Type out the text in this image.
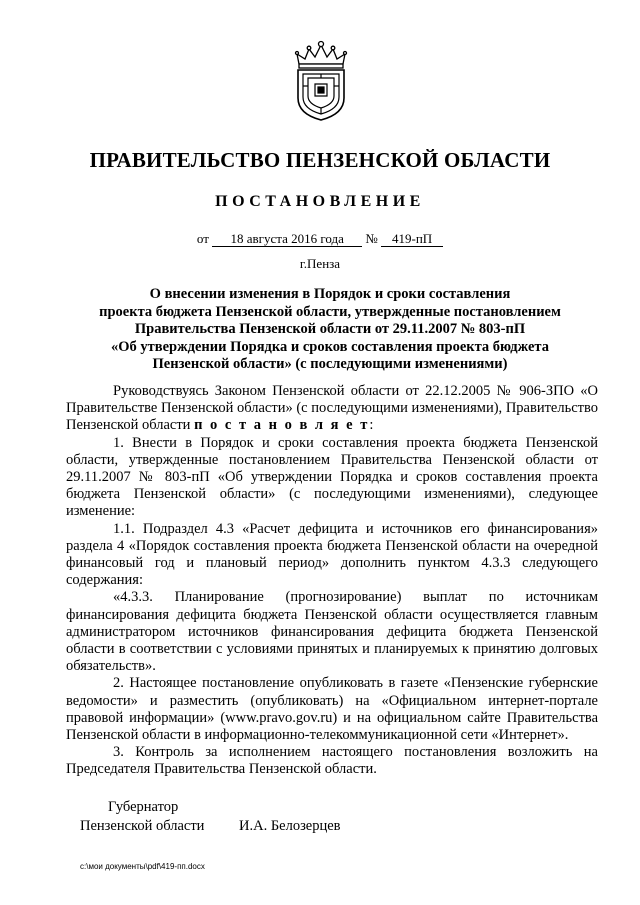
ПРАВИТЕЛЬСТВО ПЕНЗЕНСКОЙ ОБЛАСТИ
ПОСТАНОВЛЕНИЕ
от 18 августа 2016 года № 419-пП
г.Пенза
О внесении изменения в Порядок и сроки составления
проекта бюджета Пензенской области, утвержденные постановлением
Правительства Пензенской области от 29.11.2007 № 803-пП
«Об утверждении Порядка и сроков составления проекта бюджета
Пензенской области» (с последующими изменениями)

Руководствуясь Законом Пензенской области от 22.12.2005 № 906-ЗПО «О Правительстве Пензенской области» (с последующими изменениями), Правительство Пензенской области п о с т а н о в л я е т:

1. Внести в Порядок и сроки составления проекта бюджета Пензенской области, утвержденные постановлением Правительства Пензенской области от 29.11.2007 № 803-пП «Об утверждении Порядка и сроков составления проекта бюджета Пензенской области» (с последующими изменениями), следующее изменение:

1.1. Подраздел 4.3 «Расчет дефицита и источников его финансирования» раздела 4 «Порядок составления проекта бюджета Пензенской области на очередной финансовый год и плановый период» дополнить пунктом 4.3.3 следующего содержания:

«4.3.3. Планирование (прогнозирование) выплат по источникам финансирования дефицита бюджета Пензенской области осуществляется главным администратором источников финансирования дефицита бюджета Пензенской области в соответствии с условиями принятых и планируемых к принятию долговых обязательств».

2. Настоящее постановление опубликовать в газете «Пензенские губернские ведомости» и разместить (опубликовать) на «Официальном интернет-портале правовой информации» (www.pravo.gov.ru) и на официальном сайте Правительства Пензенской области в информационно-телекоммуникационной сети «Интернет».

3. Контроль за исполнением настоящего постановления возложить на Председателя Правительства Пензенской области.

Губернатор
Пензенской области И.А. Белозерцев
c:\мои документы\pdf\419-пп.docx
